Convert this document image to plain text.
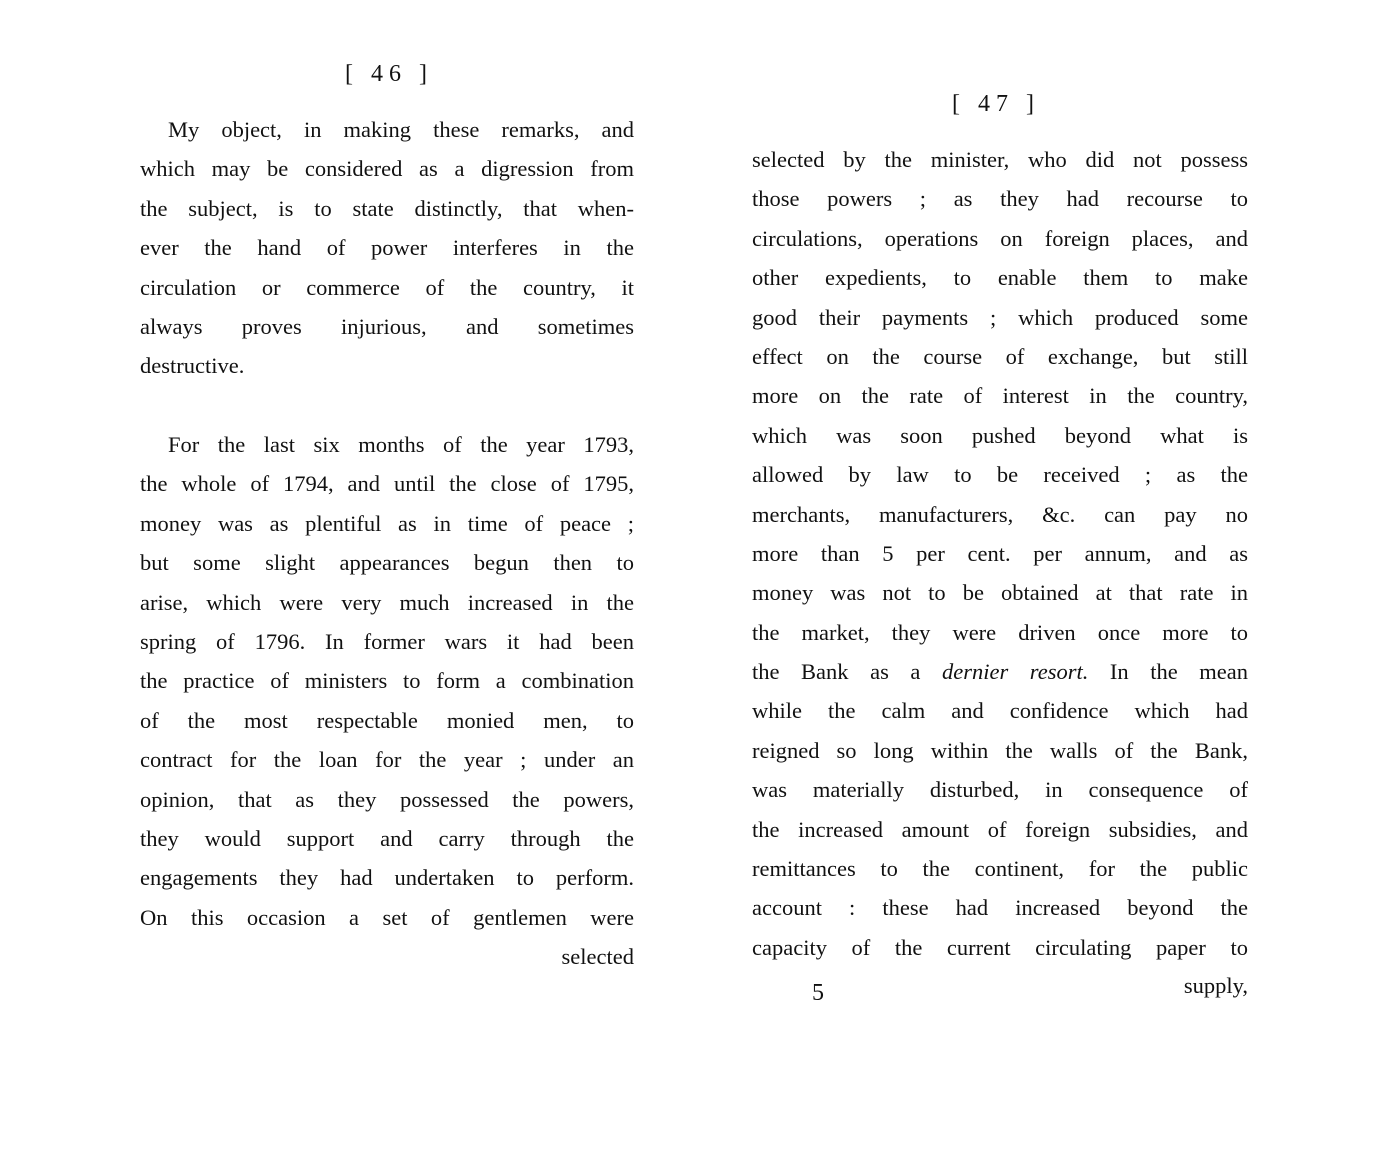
[ 46 ]
My object, in making these remarks, and
which may be considered as a digression from
the subject, is to state distinctly, that when-
ever the hand of power interferes in the
circulation or commerce of the country, it
always proves injurious, and sometimes
destructive.
For the last six months of the year 1793,
the whole of 1794, and until the close of 1795,
money was as plentiful as in time of peace ;
but some slight appearances begun then to
arise, which were very much increased in the
spring of 1796. In former wars it had been
the practice of ministers to form a combination
of the most respectable monied men, to
contract for the loan for the year ; under an
opinion, that as they possessed the powers,
they would support and carry through the
engagements they had undertaken to perform.
On this occasion a set of gentlemen were
selected
[ 47 ]
selected by the minister, who did not possess
those powers ; as they had recourse to
circulations, operations on foreign places, and
other expedients, to enable them to make
good their payments ; which produced some
effect on the course of exchange, but still
more on the rate of interest in the country,
which was soon pushed beyond what is
allowed by law to be received ; as the
merchants, manufacturers, &c. can pay no
more than 5 per cent. per annum, and as
money was not to be obtained at that rate in
the market, they were driven once more to
the Bank as a dernier resort. In the mean
while the calm and confidence which had
reigned so long within the walls of the Bank,
was materially disturbed, in consequence of
the increased amount of foreign subsidies, and
remittances to the continent, for the public
account : these had increased beyond the
capacity of the current circulating paper to
5	supply,
